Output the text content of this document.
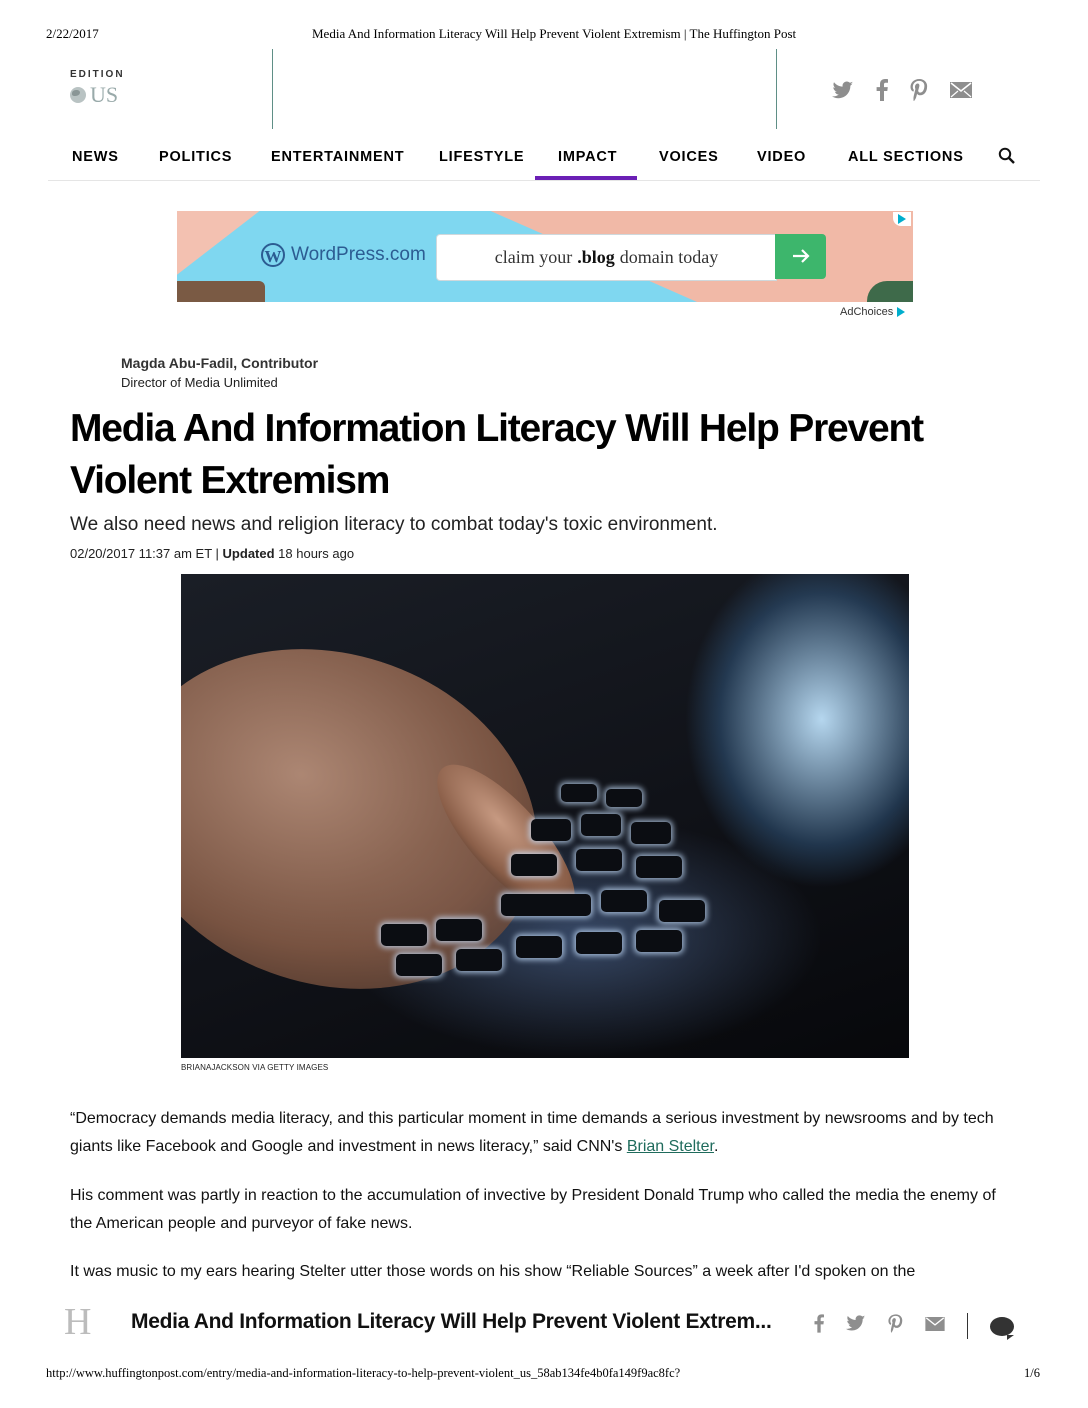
2/22/2017	Media And Information Literacy Will Help Prevent Violent Extremism | The Huffington Post
EDITION
US
NEWS	POLITICS	ENTERTAINMENT LIFESTYLE IMPACT	VOICES	VIDEO	ALL SECTIONS
W WordPress.com	claim your .blog domain today
AdChoices
Magda Abu-Fadil, Contributor
Director of Media Unlimited
Media And Information Literacy Will Help Prevent Violent Extremism
We also need news and religion literacy to combat today's toxic environment.
02/20/2017 11:37 am ET | Updated 18 hours ago
BRIANAJACKSON VIA GETTY IMAGES

“Democracy demands media literacy, and this particular moment in time demands a serious investment by newsrooms and by tech giants like Facebook and Google and investment in news literacy,” said CNN's Brian Stelter.

His comment was partly in reaction to the accumulation of invective by President Donald Trump who called the media the enemy of the American people and purveyor of fake news.

It was music to my ears hearing Stelter utter those words on his show “Reliable Sources” a week after I'd spoken on the

H Media And Information Literacy Will Help Prevent Violent Extrem...
http://www.huffingtonpost.com/entry/media-and-information-literacy-to-help-prevent-violent_us_58ab134fe4b0fa149f9ac8fc?	1/6
